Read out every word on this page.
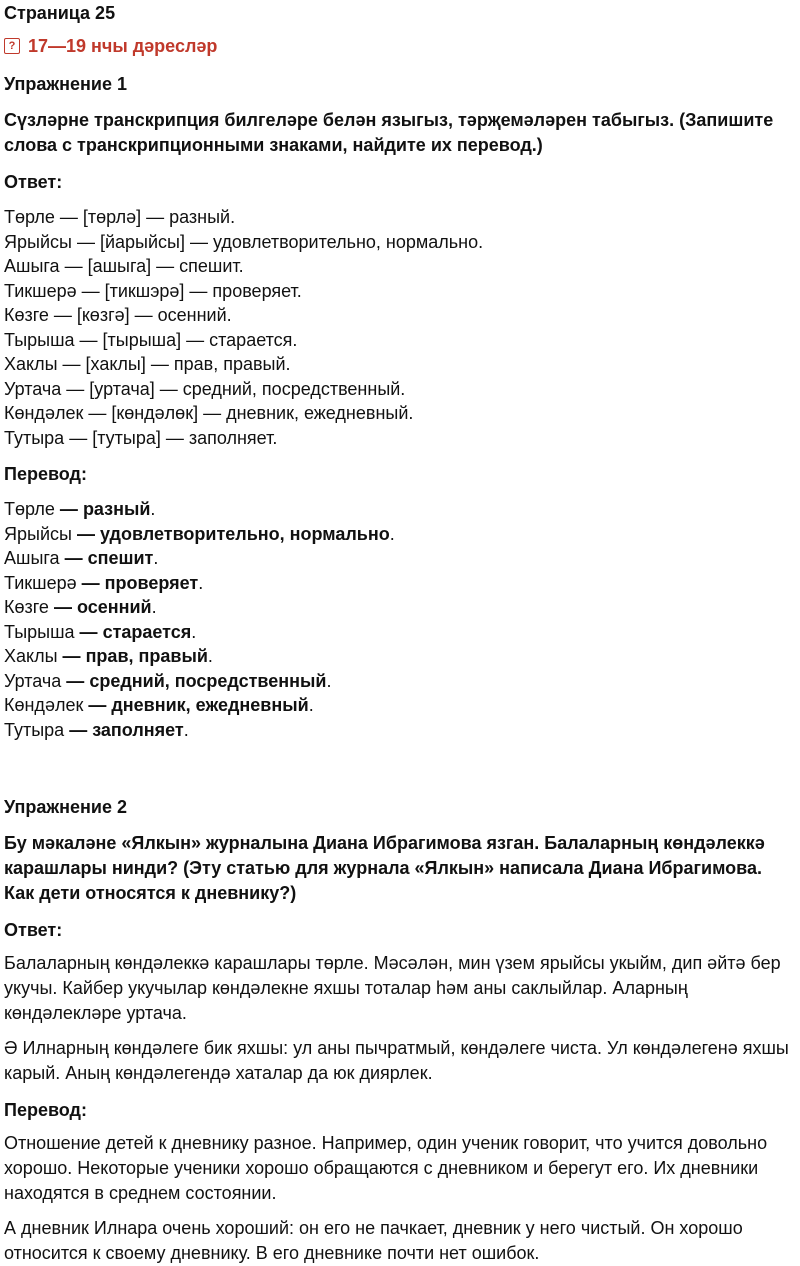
Страница 25
? 17—19 нчы дәресләр
Упражнение 1
Сүзләрне транскрипция билгеләре белән языгыз, тәрҗемәләрен табыгыз. (Запишите слова с транскрипционными знаками, найдите их перевод.)
Ответ:
Төрле — [төрлә] — разный.
Ярыйсы — [йарыйсы] — удовлетворительно, нормально.
Ашыга — [ашыга] — спешит.
Тикшерә — [тикшэрә] — проверяет.
Көзге — [көзгә] — осенний.
Тырыша — [тырыша] — старается.
Хаклы — [хаклы] — прав, правый.
Уртача — [уртача] — средний, посредственный.
Көндәлек — [көндәлөк] — дневник, ежедневный.
Тутыра — [тутыра] — заполняет.
Перевод:
Төрле — разный.
Ярыйсы — удовлетворительно, нормально.
Ашыга — спешит.
Тикшерә — проверяет.
Көзге — осенний.
Тырыша — старается.
Хаклы — прав, правый.
Уртача — средний, посредственный.
Көндәлек — дневник, ежедневный.
Тутыра — заполняет.
Упражнение 2
Бу мәкаләне «Ялкын» журналына Диана Ибрагимова язган. Балаларның көндәлеккә карашлары нинди? (Эту статью для журнала «Ялкын» написала Диана Ибрагимова. Как дети относятся к дневнику?)
Ответ:
Балаларның көндәлеккә карашлары төрле. Мәсәлән, мин үзем ярыйсы укыйм, дип әйтә бер укучы. Кайбер укучылар көндәлекне яхшы тоталар һәм аны саклыйлар. Аларның көндәлекләре уртача.
Ә Илнарның көндәлеге бик яхшы: ул аны пычратмый, көндәлеге чиста. Ул көндәлегенә яхшы карый. Аның көндәлегендә хаталар да юк диярлек.
Перевод:
Отношение детей к дневнику разное. Например, один ученик говорит, что учится довольно хорошо. Некоторые ученики хорошо обращаются с дневником и берегут его. Их дневники находятся в среднем состоянии.
А дневник Илнара очень хороший: он его не пачкает, дневник у него чистый. Он хорошо относится к своему дневнику. В его дневнике почти нет ошибок.
